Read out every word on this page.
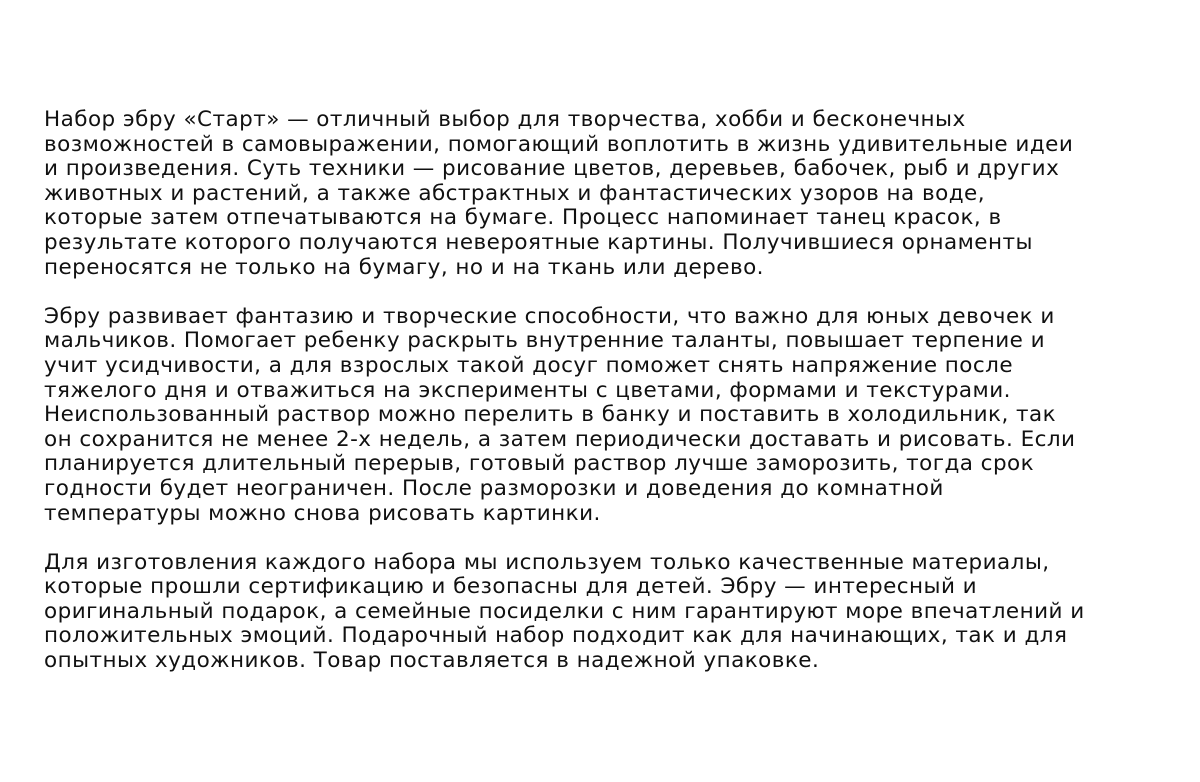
Набор эбру «Старт» — отличный выбор для творчества, хобби и бесконечных
возможностей в самовыражении, помогающий воплотить в жизнь удивительные идеи
и произведения. Суть техники — рисование цветов, деревьев, бабочек, рыб и других
животных и растений, а также абстрактных и фантастических узоров на воде,
которые затем отпечатываются на бумаге. Процесс напоминает танец красок, в
результате которого получаются невероятные картины. Получившиеся орнаменты
переносятся не только на бумагу, но и на ткань или дерево.

Эбру развивает фантазию и творческие способности, что важно для юных девочек и
мальчиков. Помогает ребенку раскрыть внутренние таланты, повышает терпение и
учит усидчивости, а для взрослых такой досуг поможет снять напряжение после
тяжелого дня и отважиться на эксперименты с цветами, формами и текстурами.
Неиспользованный раствор можно перелить в банку и поставить в холодильник, так
он сохранится не менее 2-х недель, а затем периодически доставать и рисовать. Если
планируется длительный перерыв, готовый раствор лучше заморозить, тогда срок
годности будет неограничен. После разморозки и доведения до комнатной
температуры можно снова рисовать картинки.

Для изготовления каждого набора мы используем только качественные материалы,
которые прошли сертификацию и безопасны для детей. Эбру — интересный и
оригинальный подарок, а семейные посиделки с ним гарантируют море впечатлений и
положительных эмоций. Подарочный набор подходит как для начинающих, так и для
опытных художников. Товар поставляется в надежной упаковке.
